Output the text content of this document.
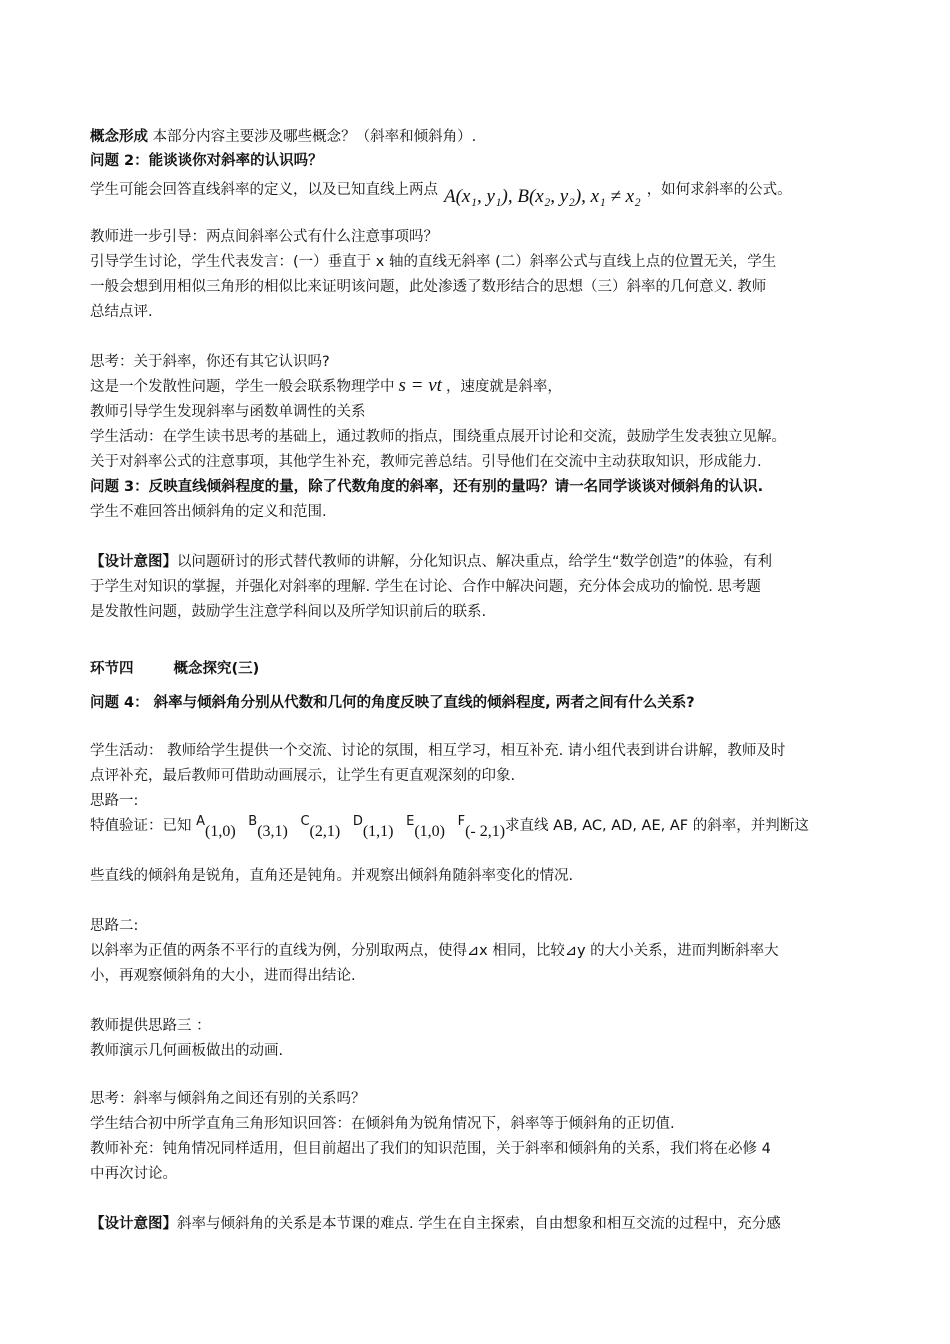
概念形成 本部分内容主要涉及哪些概念？（斜率和倾斜角）.
问题 2：能谈谈你对斜率的认识吗？
学生可能会回答直线斜率的定义，以及已知直线上两点 A(x₁, y₁), B(x₂, y₂), x₁ ≠ x₂ ，如何求斜率的公式。
教师进一步引导：两点间斜率公式有什么注意事项吗？
引导学生讨论，学生代表发言：(一）垂直于 x 轴的直线无斜率 (二）斜率公式与直线上点的位置无关，学生
一般会想到用相似三角形的相似比来证明该问题，此处渗透了数形结合的思想（三）斜率的几何意义. 教师
总结点评.
思考：关于斜率，你还有其它认识吗?
这是一个发散性问题，学生一般会联系物理学中 s = vt ，速度就是斜率，
教师引导学生发现斜率与函数单调性的关系
学生活动：在学生读书思考的基础上，通过教师的指点，围绕重点展开讨论和交流，鼓励学生发表独立见解。
关于对斜率公式的注意事项，其他学生补充，教师完善总结。引导他们在交流中主动获取知识，形成能力.
问题 3：反映直线倾斜程度的量，除了代数角度的斜率，还有别的量吗？请一名同学谈谈对倾斜角的认识.
学生不难回答出倾斜角的定义和范围.
【设计意图】以问题研讨的形式替代教师的讲解，分化知识点、解决重点，给学生“数学创造”的体验，有利
于学生对知识的掌握，并强化对斜率的理解. 学生在讨论、合作中解决问题，充分体会成功的愉悦. 思考题
是发散性问题，鼓励学生注意学科间以及所学知识前后的联系.
环节四	概念探究(三)
问题 4： 斜率与倾斜角分别从代数和几何的角度反映了直线的倾斜程度, 两者之间有什么关系?
学生活动： 教师给学生提供一个交流、讨论的氛围，相互学习，相互补充. 请小组代表到讲台讲解，教师及时
点评补充，最后教师可借助动画展示，让学生有更直观深刻的印象.
思路一:
特值验证：已知 A(1,0) B(3,1) C(2,1) D(1,1) E(1,0) F(- 2,1)求直线 AB, AC, AD, AE, AF 的斜率，并判断这
些直线的倾斜角是锐角，直角还是钝角。并观察出倾斜角随斜率变化的情况.
思路二:
以斜率为正值的两条不平行的直线为例，分别取两点，使得⊿x 相同，比较⊿y 的大小关系，进而判断斜率大
小，再观察倾斜角的大小，进而得出结论.
教师提供思路三 ：
教师演示几何画板做出的动画.
思考：斜率与倾斜角之间还有别的关系吗？
学生结合初中所学直角三角形知识回答：在倾斜角为锐角情况下，斜率等于倾斜角的正切值.
教师补充：钝角情况同样适用，但目前超出了我们的知识范围，关于斜率和倾斜角的关系，我们将在必修 4
中再次讨论。
【设计意图】斜率与倾斜角的关系是本节课的难点. 学生在自主探索，自由想象和相互交流的过程中，充分感
